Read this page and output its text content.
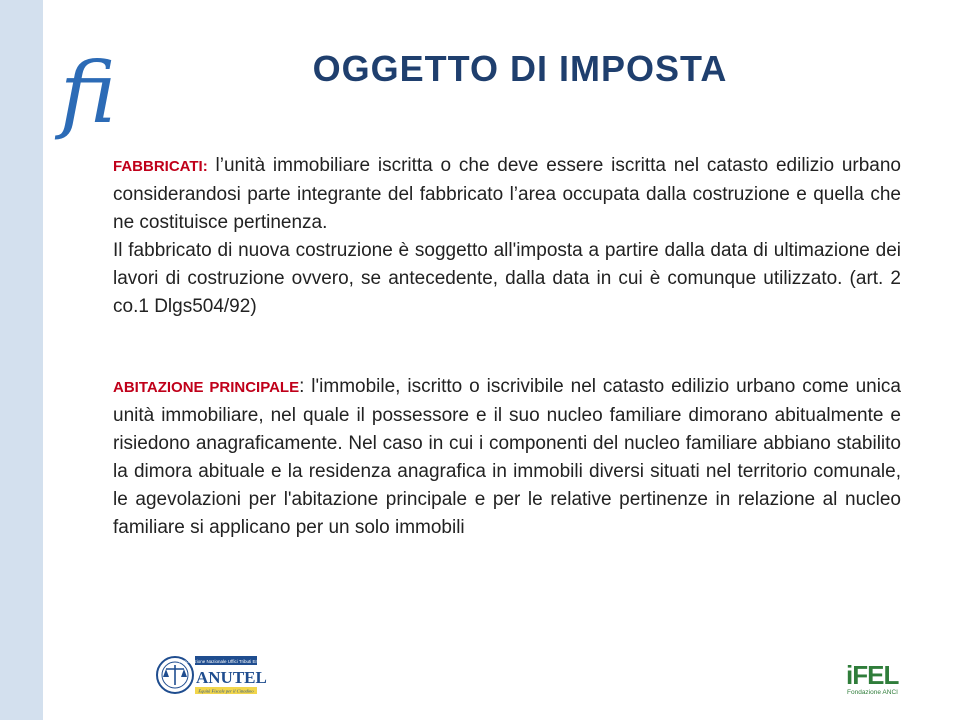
fi	OGGETTO DI IMPOSTA

FABBRICATI: l’unità immobiliare iscritta o che deve essere iscritta nel catasto edilizio urbano considerandosi parte integrante del fabbricato l’area occupata dalla costruzione e quella che ne costituisce pertinenza.

Il fabbricato di nuova costruzione è soggetto all'imposta a partire dalla data di ultimazione dei lavori di costruzione ovvero, se antecedente, dalla data in cui è comunque utilizzato. (art. 2 co.1 Dlgs504/92)

ABITAZIONE PRINCIPALE: l'immobile, iscritto o iscrivibile nel catasto edilizio urbano come unica unità immobiliare, nel quale il possessore e il suo nucleo familiare dimorano abitualmente e risiedono anagraficamente. Nel caso in cui i componenti del nucleo familiare abbiano stabilito la dimora abituale e la residenza anagrafica in immobili diversi situati nel territorio comunale, le agevolazioni per l'abitazione principale e per le relative pertinenze in relazione al nucleo familiare si applicano per un solo immobili

Associazione Nazionale Uffici Tributi Enti Locali
ANUTEL
Equità Fiscale per il Cittadino
iFEL
Fondazione ANCI
